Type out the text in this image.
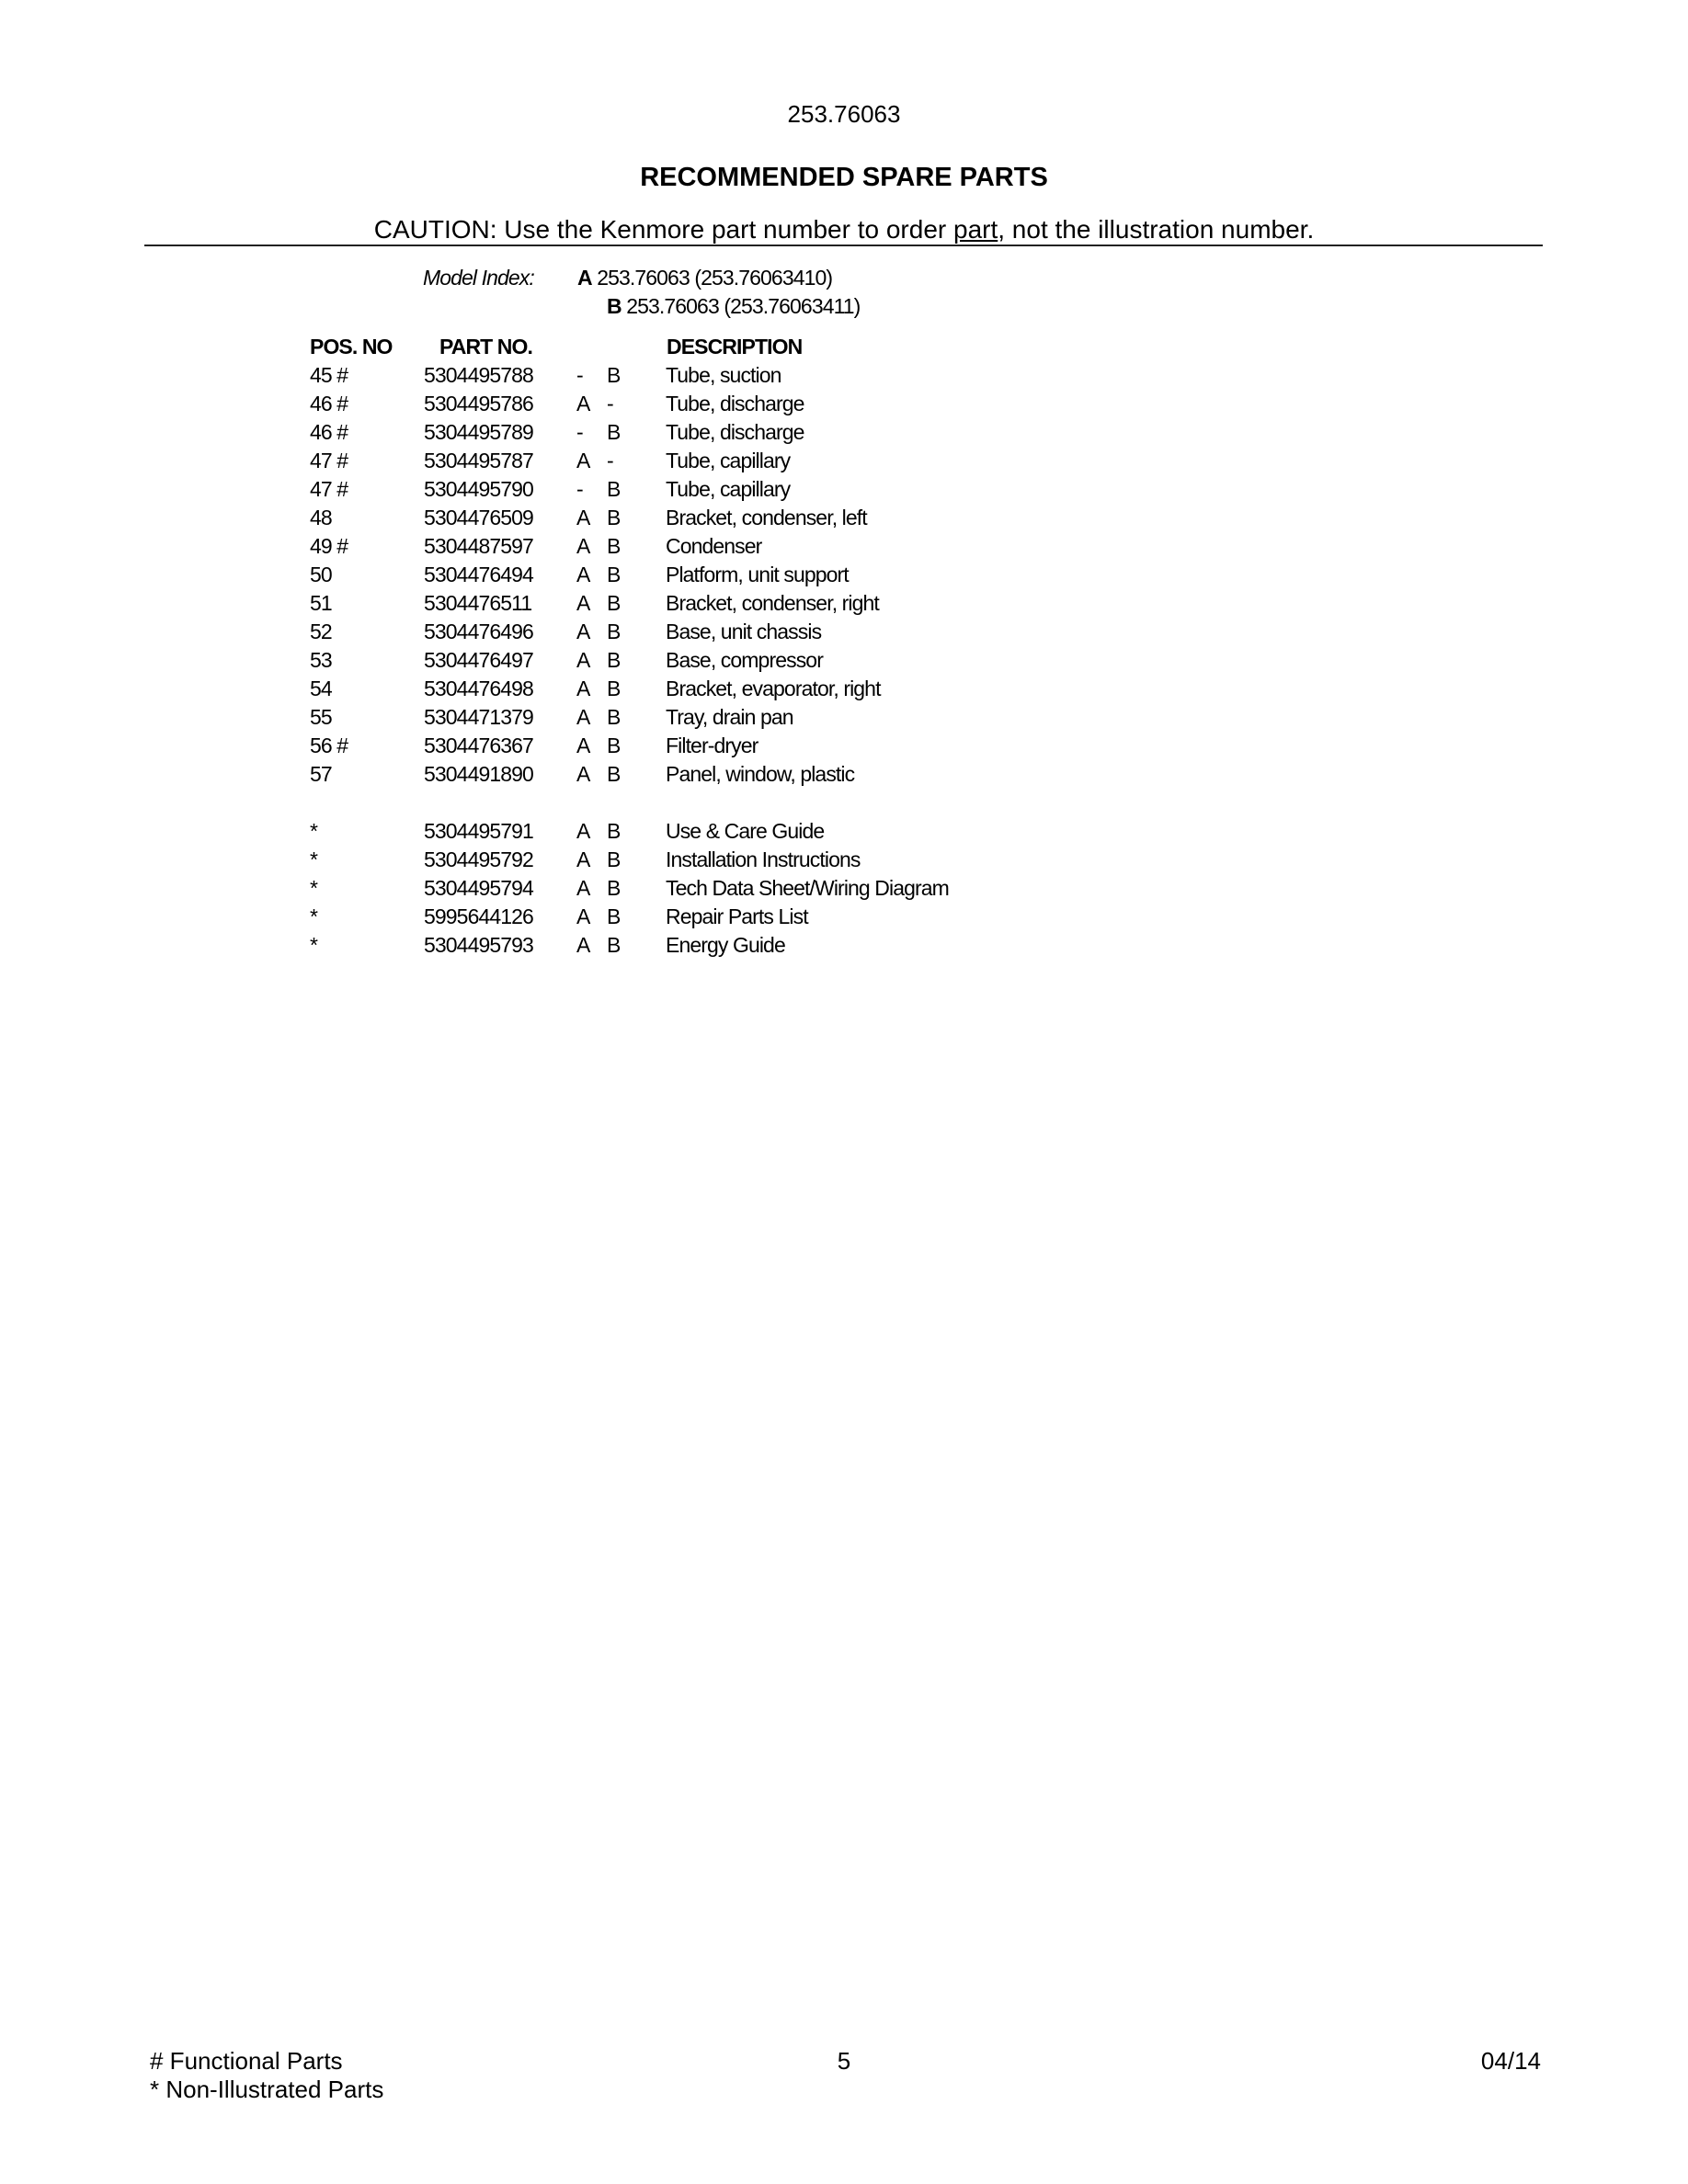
253.76063
RECOMMENDED SPARE PARTS
CAUTION: Use the Kenmore part number to order part, not the illustration number.
Model Index: A 253.76063 (253.76063410)
B 253.76063 (253.76063411)
POS. NO PART NO.	DESCRIPTION
45 #	5304495788 - B Tube, suction
46 #	5304495786 A - Tube, discharge
46 #	5304495789 - B Tube, discharge
47 #	5304495787 A - Tube, capillary
47 #	5304495790 - B Tube, capillary
48	5304476509 A B Bracket, condenser, left
49 #	5304487597 A B Condenser
50	5304476494 A B Platform, unit support
51	5304476511 A B Bracket, condenser, right
52	5304476496 A B Base, unit chassis
53	5304476497 A B Base, compressor
54	5304476498 A B Bracket, evaporator, right
55	5304471379 A B Tray, drain pan
56 #	5304476367 A B Filter-dryer
57	5304491890 A B Panel, window, plastic
*	5304495791 A B Use & Care Guide
*	5304495792 A B Installation Instructions
*	5304495794 A B Tech Data Sheet/Wiring Diagram
*	5995644126 A B Repair Parts List
*	5304495793 A B Energy Guide
# Functional Parts
* Non-Illustrated Parts
5	04/14
